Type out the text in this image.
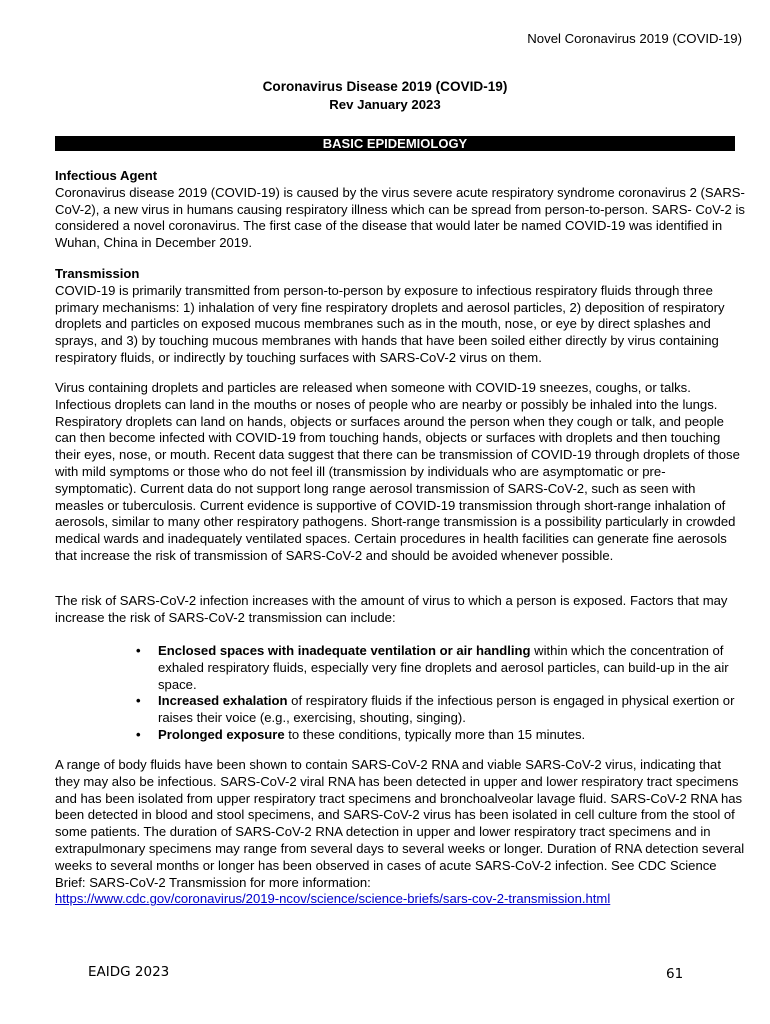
Novel Coronavirus 2019 (COVID-19)
Coronavirus Disease 2019 (COVID-19)
Rev January 2023
BASIC EPIDEMIOLOGY

Infectious Agent

Coronavirus disease 2019 (COVID-19) is caused by the virus severe acute respiratory syndrome coronavirus 2 (SARS-CoV-2), a new virus in humans causing respiratory illness which can be spread from person-to-person. SARS- CoV-2 is considered a novel coronavirus. The first case of the disease that would later be named COVID-19 was identified in Wuhan, China in December 2019.

Transmission

COVID-19 is primarily transmitted from person-to-person by exposure to infectious respiratory fluids through three primary mechanisms: 1) inhalation of very fine respiratory droplets and aerosol particles, 2) deposition of respiratory droplets and particles on exposed mucous membranes such as in the mouth, nose, or eye by direct splashes and sprays, and 3) by touching mucous membranes with hands that have been soiled either directly by virus containing respiratory fluids, or indirectly by touching surfaces with SARS-CoV-2 virus on them.

Virus containing droplets and particles are released when someone with COVID-19 sneezes, coughs, or talks. Infectious droplets can land in the mouths or noses of people who are nearby or possibly be inhaled into the lungs. Respiratory droplets can land on hands, objects or surfaces around the person when they cough or talk, and people can then become infected with COVID-19 from touching hands, objects or surfaces with droplets and then touching their eyes, nose, or mouth. Recent data suggest that there can be transmission of COVID-19 through droplets of those with mild symptoms or those who do not feel ill (transmission by individuals who are asymptomatic or pre-symptomatic). Current data do not support long range aerosol transmission of SARS-CoV-2, such as seen with measles or tuberculosis. Current evidence is supportive of COVID-19 transmission through short-range inhalation of aerosols, similar to many other respiratory pathogens. Short-range transmission is a possibility particularly in crowded medical wards and inadequately ventilated spaces. Certain procedures in health facilities can generate fine aerosols that increase the risk of transmission of SARS-CoV-2 and should be avoided whenever possible.

The risk of SARS-CoV-2 infection increases with the amount of virus to which a person is exposed. Factors that may increase the risk of SARS-CoV-2 transmission can include:

• Enclosed spaces with inadequate ventilation or air handling within which the concentration of exhaled respiratory fluids, especially very fine droplets and aerosol particles, can build-up in the air space.
• Increased exhalation of respiratory fluids if the infectious person is engaged in physical exertion or raises their voice (e.g., exercising, shouting, singing).
• Prolonged exposure to these conditions, typically more than 15 minutes.

A range of body fluids have been shown to contain SARS-CoV-2 RNA and viable SARS-CoV-2 virus, indicating that they may also be infectious. SARS-CoV-2 viral RNA has been detected in upper and lower respiratory tract specimens and has been isolated from upper respiratory tract specimens and bronchoalveolar lavage fluid. SARS-CoV-2 RNA has been detected in blood and stool specimens, and SARS-CoV-2 virus has been isolated in cell culture from the stool of some patients. The duration of SARS-CoV-2 RNA detection in upper and lower respiratory tract specimens and in extrapulmonary specimens may range from several days to several weeks or longer. Duration of RNA detection several weeks to several months or longer has been observed in cases of acute SARS-CoV-2 infection. See CDC Science Brief: SARS-CoV-2 Transmission for more information:

https://www.cdc.gov/coronavirus/2019-ncov/science/science-briefs/sars-cov-2-transmission.html

EAIDG 2023	61
